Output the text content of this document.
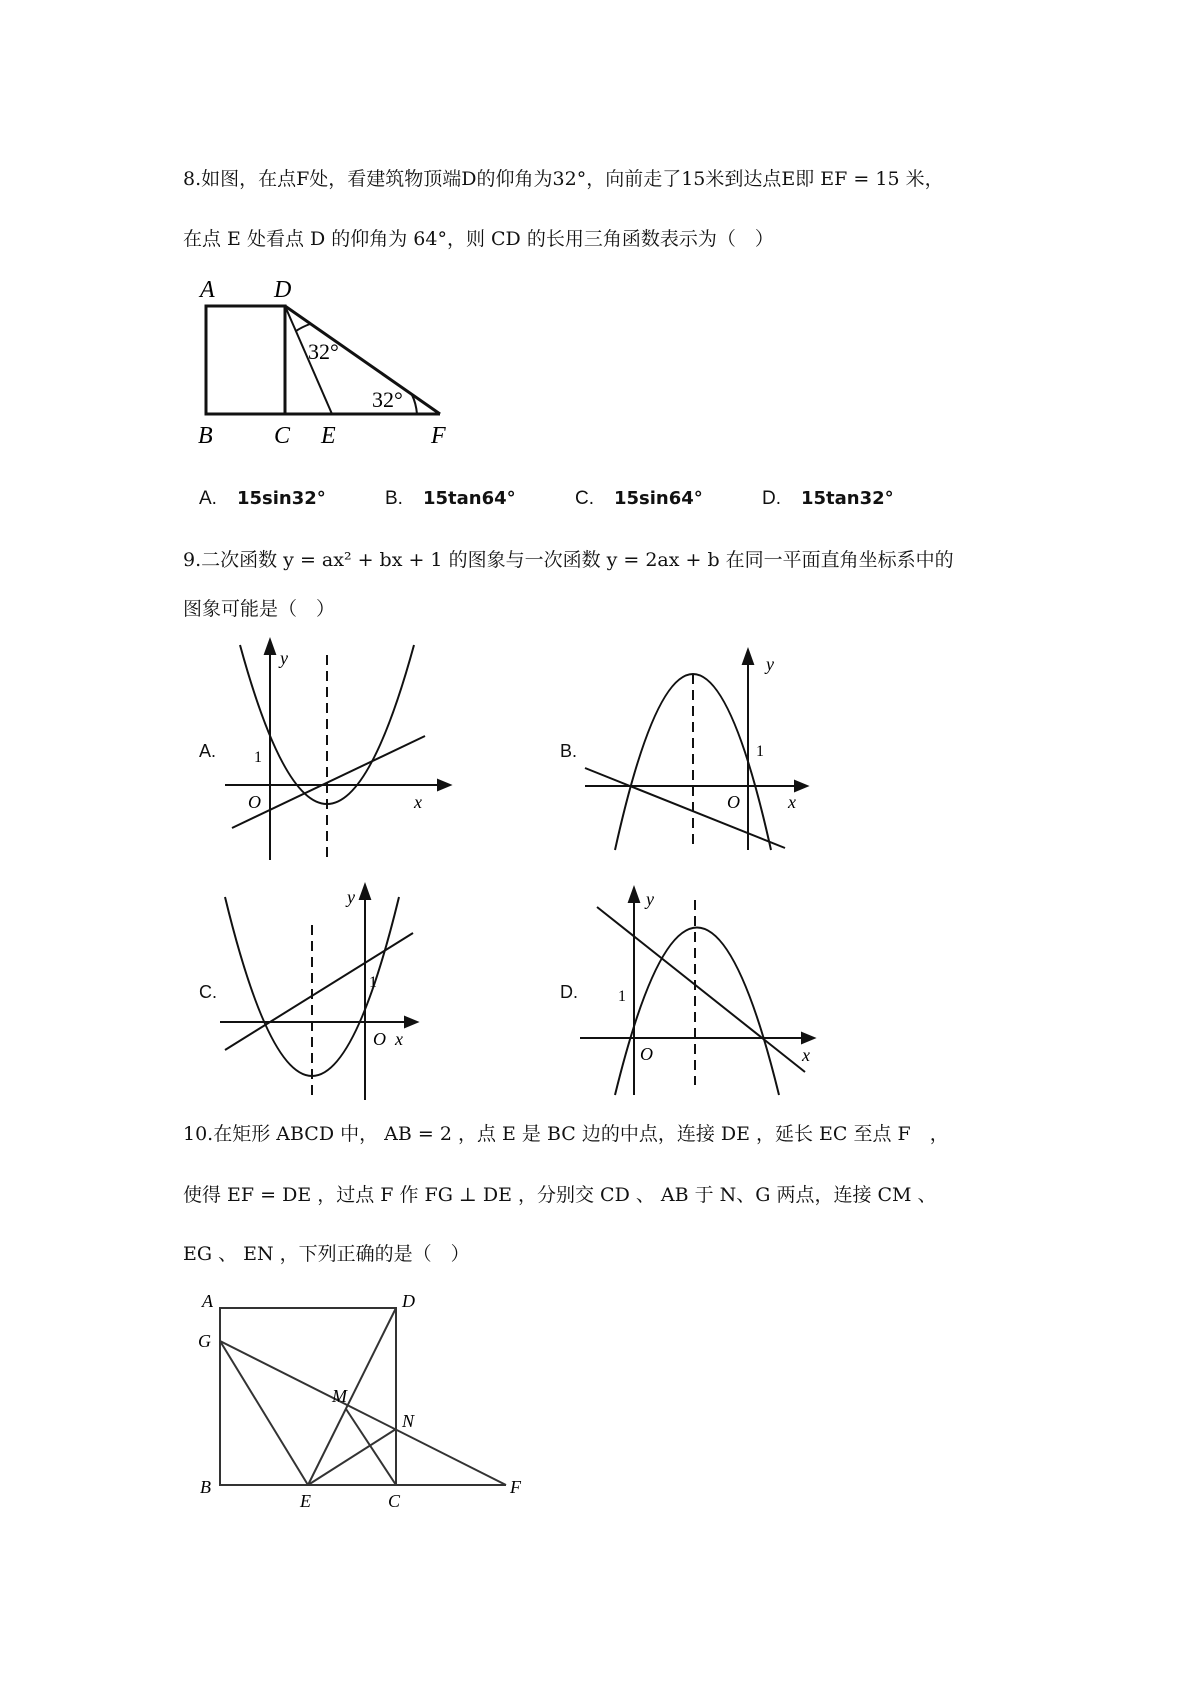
8.如图，在点F处，看建筑物顶端D的仰角为32°，向前走了15米到达点E即 EF = 15 米，
在点 E 处看点 D 的仰角为 64°，则 CD 的长用三角函数表示为（　）
A D
B	C E	F
32°
32°
A. 15sin32°	B. 15tan64°	C. 15sin64°	D. 15tan32°
9.二次函数 y = ax² + bx + 1 的图象与一次函数 y = 2ax + b 在同一平面直角坐标系中的
图象可能是（　）
A.
y
x
O
1	B.
y
x
O
1
C.
y
x
O
1	D.
y
x
O
1
10.在矩形 ABCD 中， AB = 2 ，点 E 是 BC 边的中点，连接 DE ，延长 EC 至点 F　，
使得 EF = DE ，过点 F 作 FG ⊥ DE ，分别交 CD 、 AB 于 N、G 两点，连接 CM 、
EG 、 EN ，下列正确的是（　）
A	D
G
M
N
B
E	C
F
